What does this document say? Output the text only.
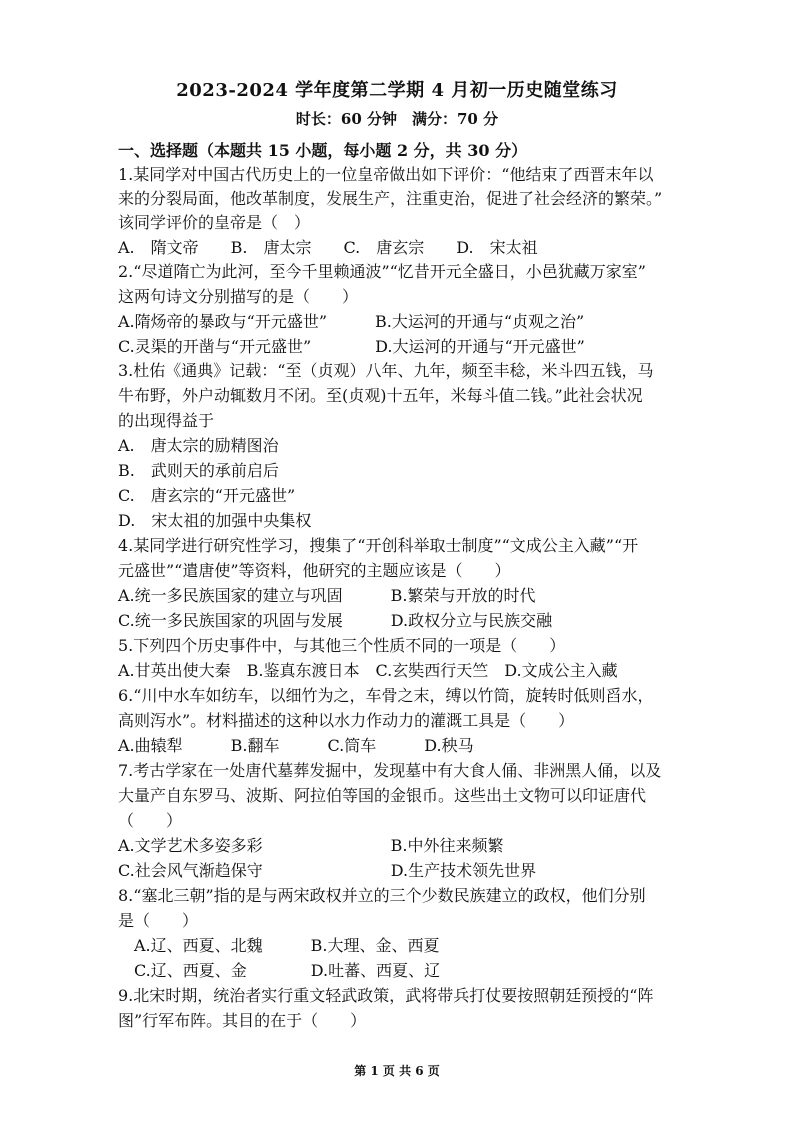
2023-2024 学年度第二学期 4 月初一历史随堂练习
时长：60 分钟　满分：70 分
一、选择题（本题共 15 小题，每小题 2 分，共 30 分）
1.某同学对中国古代历史上的一位皇帝做出如下评价：“他结束了西晋末年以
来的分裂局面，他改革制度，发展生产，注重吏治，促进了社会经济的繁荣。”
该同学评价的皇帝是（　）
A.　隋文帝　　B.　唐太宗　　C.　唐玄宗　　D.　宋太祖
2.“尽道隋亡为此河，至今千里赖通波”“忆昔开元全盛日，小邑犹藏万家室”
这两句诗文分别描写的是（　　）
A.隋炀帝的暴政与“开元盛世”　　　B.大运河的开通与“贞观之治”
C.灵渠的开凿与“开元盛世”　　　　D.大运河的开通与“开元盛世”
3.杜佑《通典》记载：“至（贞观）八年、九年，频至丰稔，米斗四五钱，马
牛布野，外户动辄数月不闭。至(贞观)十五年，米每斗值二钱。”此社会状况
的出现得益于
A.　唐太宗的励精图治
B.　武则天的承前启后
C.　唐玄宗的“开元盛世”
D.　宋太祖的加强中央集权
4.某同学进行研究性学习，搜集了“开创科举取士制度”“文成公主入藏”“开
元盛世”“遣唐使”等资料，他研究的主题应该是（　　）
A.统一多民族国家的建立与巩固　　　B.繁荣与开放的时代
C.统一多民族国家的巩固与发展　　　D.政权分立与民族交融
5.下列四个历史事件中，与其他三个性质不同的一项是（　　）
A.甘英出使大秦　B.鉴真东渡日本　C.玄奘西行天竺　D.文成公主入藏
6.“川中水车如纺车，以细竹为之，车骨之末，缚以竹筒，旋转时低则舀水，
高则泻水”。材料描述的这种以水力作动力的灌溉工具是（　　）
A.曲辕犁　　　B.翻车　　　C.筒车　　　D.秧马
7.考古学家在一处唐代墓葬发掘中，发现墓中有大食人俑、非洲黑人俑，以及
大量产自东罗马、波斯、阿拉伯等国的金银币。这些出土文物可以印证唐代
（　　）
A.文学艺术多姿多彩　　　　　　　　B.中外往来频繁
C.社会风气渐趋保守　　　　　　　　D.生产技术领先世界
8.“塞北三朝”指的是与两宋政权并立的三个少数民族建立的政权，他们分别
是（　　）
　A.辽、西夏、北魏　　　B.大理、金、西夏
　C.辽、西夏、金　　　　D.吐蕃、西夏、辽
9.北宋时期，统治者实行重文轻武政策，武将带兵打仗要按照朝廷预授的“阵
图”行军布阵。其目的在于（　　）
第 1 页 共 6 页
